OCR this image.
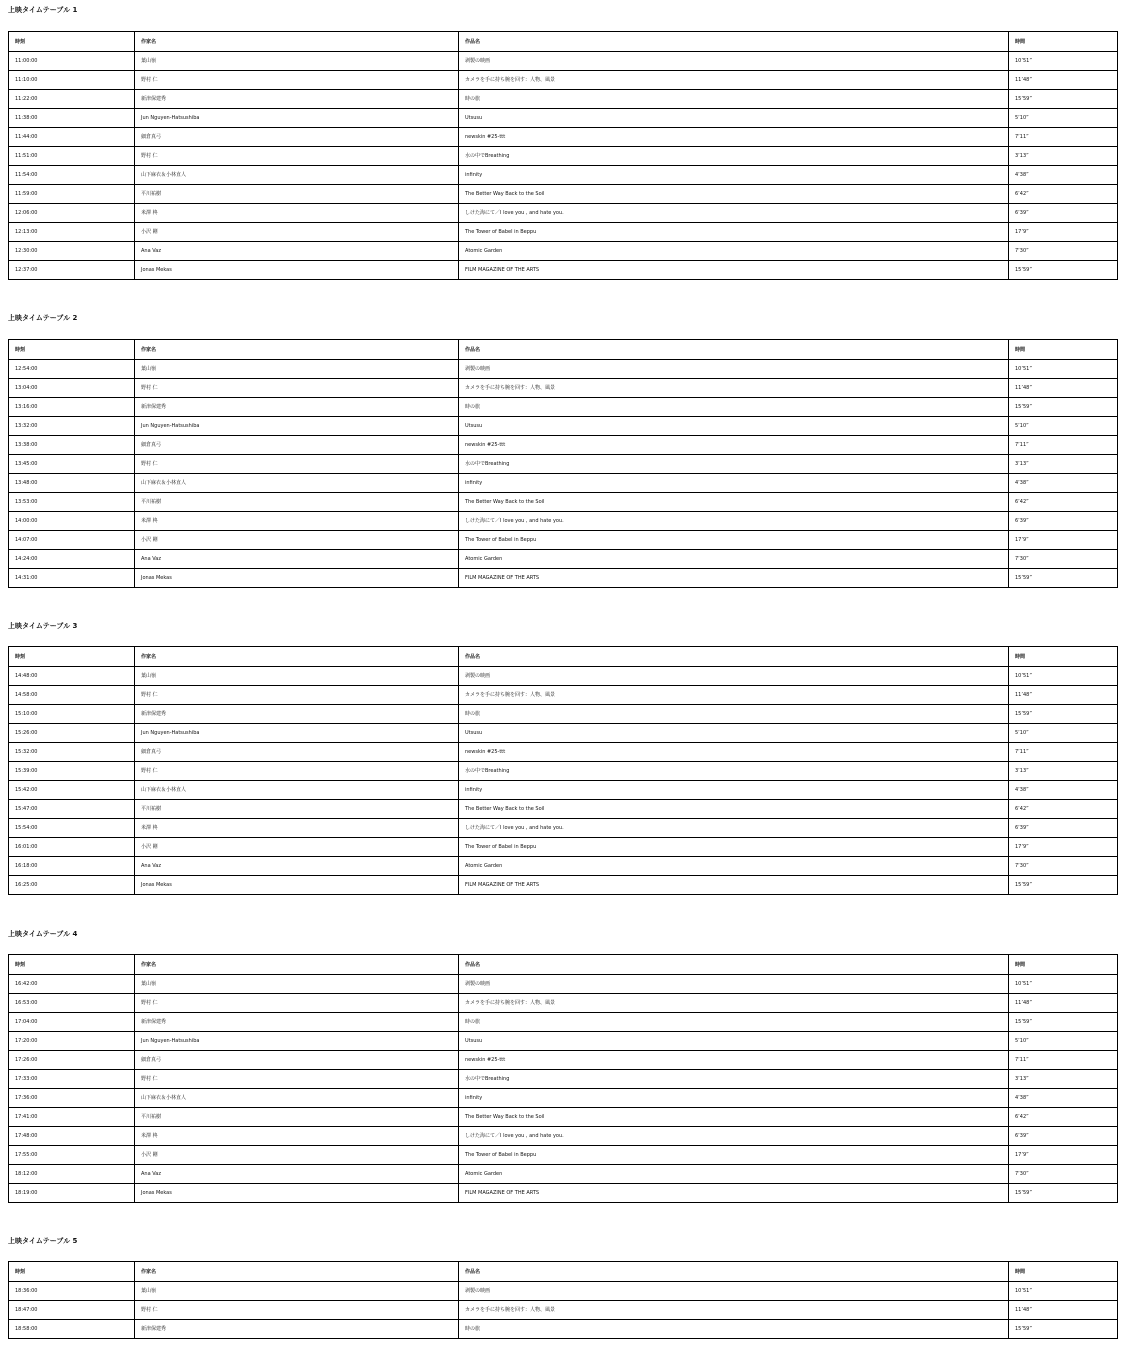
上映タイムテーブル 1
時刻	作家名	作品名	時間
11:00:00	葉山嶺	剥製の映画	10’51”
11:10:00	野村 仁	カメラを手に持ち腕を回す：人物、風景	11’48”
11:22:00	新津保建秀	時の旅	15’59”
11:38:00	Jun Nguyen-Hatsushiba	Utsusu	5’10”
11:44:00	細倉真弓	newskin #25-ttt	7’11”
11:51:00	野村 仁	水の中でBreathing	3’13”
11:54:00	山下麻衣＆小林直人	infinity	4’38”
11:59:00	平川祐樹	The Better Way Back to the Soil	6’42”
12:06:00	米澤 柊	しけた海にて／I love you , and hate you.	6’39”
12:13:00	小沢 剛	The Tower of Babel in Beppu	17’9”
12:30:00	Ana Vaz	Atomic Garden	7’30”
12:37:00	Jonas Mekas	FILM MAGAZINE OF THE ARTS	15’59”
上映タイムテーブル 2
時刻	作家名	作品名	時間
12:54:00	葉山嶺	剥製の映画	10’51”
13:04:00	野村 仁	カメラを手に持ち腕を回す：人物、風景	11’48”
13:16:00	新津保建秀	時の旅	15’59”
13:32:00	Jun Nguyen-Hatsushiba	Utsusu	5’10”
13:38:00	細倉真弓	newskin #25-ttt	7’11”
13:45:00	野村 仁	水の中でBreathing	3’13”
13:48:00	山下麻衣＆小林直人	infinity	4’38”
13:53:00	平川祐樹	The Better Way Back to the Soil	6’42”
14:00:00	米澤 柊	しけた海にて／I love you , and hate you.	6’39”
14:07:00	小沢 剛	The Tower of Babel in Beppu	17’9”
14:24:00	Ana Vaz	Atomic Garden	7’30”
14:31:00	Jonas Mekas	FILM MAGAZINE OF THE ARTS	15’59”
上映タイムテーブル 3
時刻	作家名	作品名	時間
14:48:00	葉山嶺	剥製の映画	10’51”
14:58:00	野村 仁	カメラを手に持ち腕を回す：人物、風景	11’48”
15:10:00	新津保建秀	時の旅	15’59”
15:26:00	Jun Nguyen-Hatsushiba	Utsusu	5’10”
15:32:00	細倉真弓	newskin #25-ttt	7’11”
15:39:00	野村 仁	水の中でBreathing	3’13”
15:42:00	山下麻衣＆小林直人	infinity	4’38”
15:47:00	平川祐樹	The Better Way Back to the Soil	6’42”
15:54:00	米澤 柊	しけた海にて／I love you , and hate you.	6’39”
16:01:00	小沢 剛	The Tower of Babel in Beppu	17’9”
16:18:00	Ana Vaz	Atomic Garden	7’30”
16:25:00	Jonas Mekas	FILM MAGAZINE OF THE ARTS	15’59”
上映タイムテーブル 4
時刻	作家名	作品名	時間
16:42:00	葉山嶺	剥製の映画	10’51”
16:53:00	野村 仁	カメラを手に持ち腕を回す：人物、風景	11’48”
17:04:00	新津保建秀	時の旅	15’59”
17:20:00	Jun Nguyen-Hatsushiba	Utsusu	5’10”
17:26:00	細倉真弓	newskin #25-ttt	7’11”
17:33:00	野村 仁	水の中でBreathing	3’13”
17:36:00	山下麻衣＆小林直人	infinity	4’38”
17:41:00	平川祐樹	The Better Way Back to the Soil	6’42”
17:48:00	米澤 柊	しけた海にて／I love you , and hate you.	6’39”
17:55:00	小沢 剛	The Tower of Babel in Beppu	17’9”
18:12:00	Ana Vaz	Atomic Garden	7’30”
18:19:00	Jonas Mekas	FILM MAGAZINE OF THE ARTS	15’59”
上映タイムテーブル 5
時刻	作家名	作品名	時間
18:36:00	葉山嶺	剥製の映画	10’51”
18:47:00	野村 仁	カメラを手に持ち腕を回す：人物、風景	11’48”
18:58:00	新津保建秀	時の旅	15’59”
